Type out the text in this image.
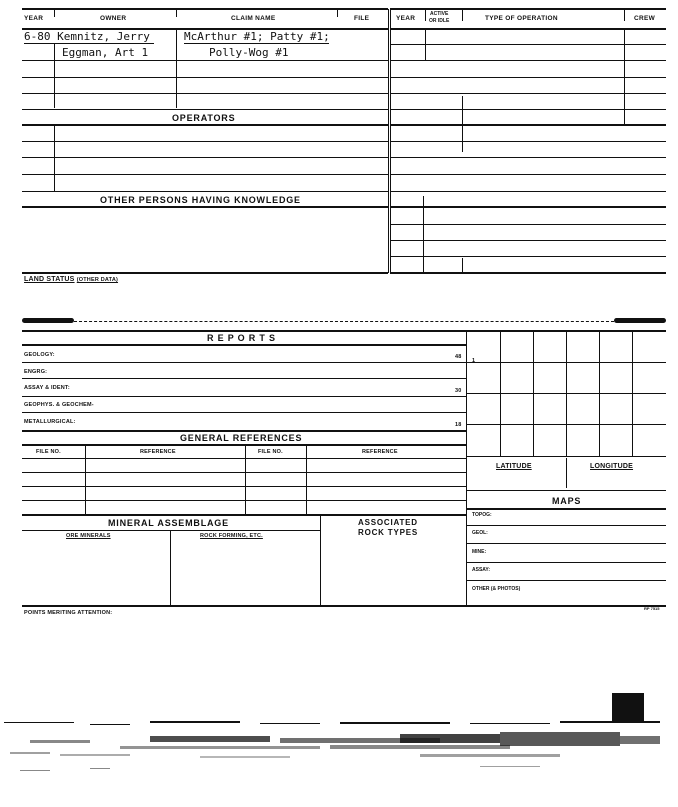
YEAR	OWNER	CLAIM NAME	FILE	YEAR
ACTIVE
OR IDLE	TYPE OF OPERATION	CREW
6-80 Kemnitz, Jerry	McArthur #1; Patty #1;
Eggman, Art 1	Polly-Wog #1
OPERATORS
OTHER PERSONS HAVING KNOWLEDGE
LAND STATUS (OTHER DATA)
R E P O R T S
GEOLOGY:	48
ENGRG:
ASSAY & IDENT:	30
GEOPHYS. & GEOCHEM-
METALLURGICAL:	18
GENERAL REFERENCES
FILE NO.	REFERENCE	FILE NO.	REFERENCE
MINERAL ASSEMBLAGE	ASSOCIATED
ROCK TYPES
ORE MINERALS	ROCK FORMING, ETC.
1
LATITUDE	LONGITUDE
MAPS
TOPOG:
GEOL:
MINE:
ASSAY:
OTHER (& PHOTOS)
POINTS MERITING ATTENTION:
RP 7515
